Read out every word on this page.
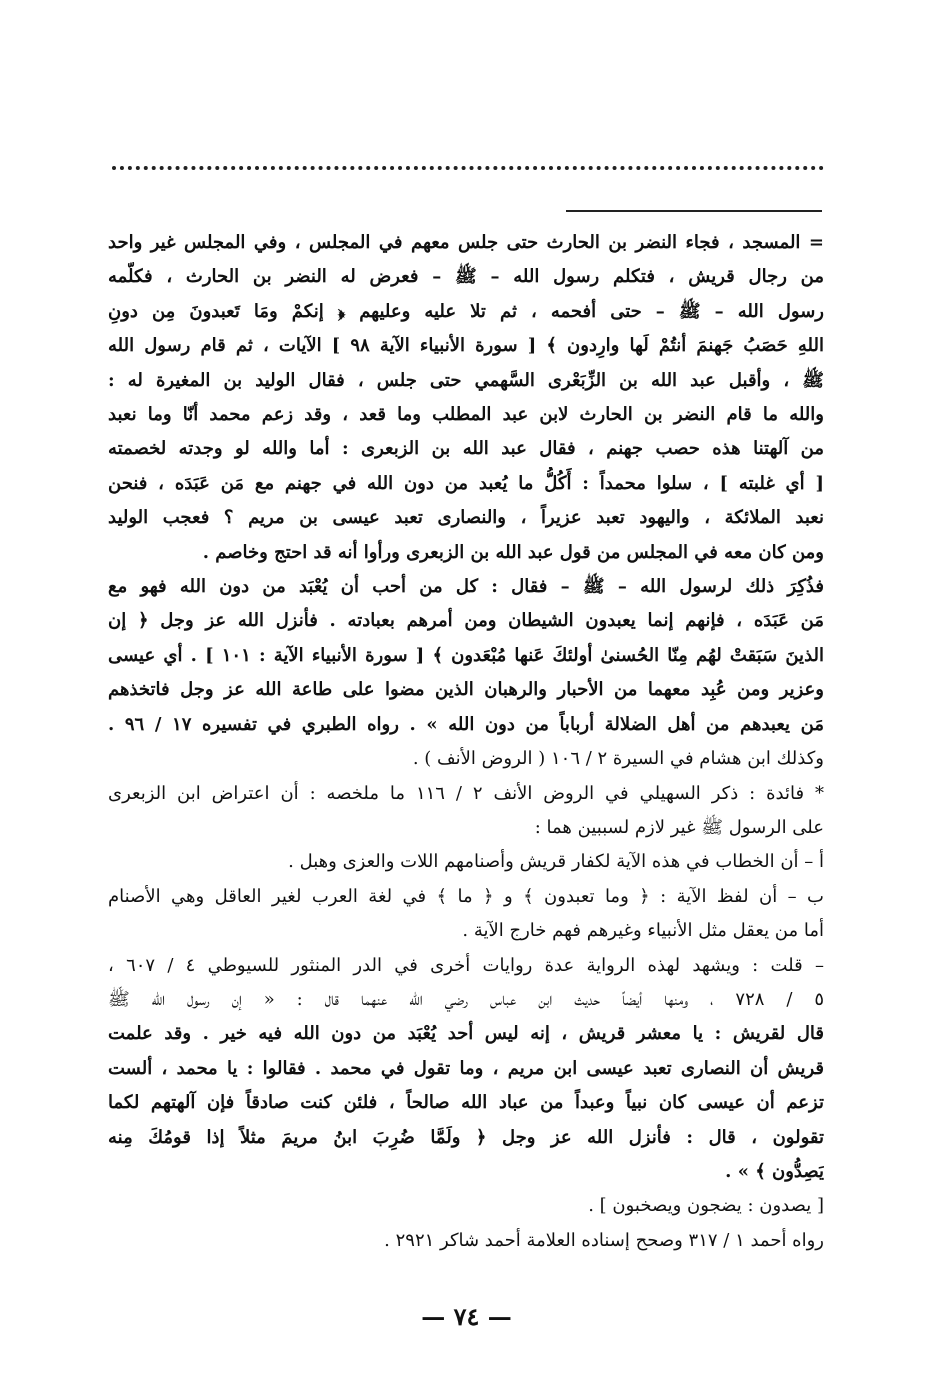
= المسجد ، فجاء النضر بن الحارث حتى جلس معهم في المجلس ، وفي المجلس غير واحد

من رجال قريش ، فتكلم رسول الله – ﷺ – فعرض له النضر بن الحارث ، فكلّمه

رسول الله – ﷺ – حتى أفحمه ، ثم تلا عليه وعليهم ﴿ إنكمْ ومَا تَعبدونَ مِن دونِ

اللهِ حَصَبُ جَهنمَ أنتُمْ لَها وارِدون ﴾ [ سورة الأنبياء الآية ٩٨ ] الآيات ، ثم قام رسول الله

ﷺ ، وأقبل عبد الله بن الزِّبَعْرى السَّهمي حتى جلس ، فقال الوليد بن المغيرة له :

والله ما قام النضر بن الحارث لابن عبد المطلب وما قعد ، وقد زعم محمد أنّا وما نعبد

من آلهتنا هذه حصب جهنم ، فقال عبد الله بن الزبعرى : أما والله لو وجدته لخصمته

[ أي غلبته ] ، سلوا محمداً : أَكُلُّ ما يُعبد من دون الله في جهنم مع مَن عَبَدَه ، فنحن

نعبد الملائكة ، واليهود تعبد عزيراً ، والنصارى تعبد عيسى بن مريم ؟ فعجب الوليد

ومن كان معه في المجلس من قول عبد الله بن الزبعرى ورأوا أنه قد احتج وخاصم .

فذُكِرَ ذلك لرسول الله – ﷺ – فقال : كل من أحب أن يُعْبَد من دون الله فهو مع

مَن عَبَدَه ، فإنهم إنما يعبدون الشيطان ومن أمرهم بعبادته . فأنزل الله عز وجل ﴿ إن

الذينَ سَبَقتْ لهُم مِنّا الحُسنىٰ أولئكَ عَنها مُبْعَدون ﴾ [ سورة الأنبياء الآية : ١٠١ ] . أي عيسى

وعزير ومن عُبِد معهما من الأحبار والرهبان الذين مضوا على طاعة الله عز وجل فاتخذهم

مَن يعبدهم من أهل الضلالة أرباباً من دون الله » . رواه الطبري في تفسيره ١٧ / ٩٦ .

وكذلك ابن هشام في السيرة ٢ / ١٠٦ ( الروض الأنف ) .

* فائدة : ذكر السهيلي في الروض الأنف ٢ / ١١٦ ما ملخصه : أن اعتراض ابن الزبعرى

على الرسول ﷺ غير لازم لسببين هما :

أ – أن الخطاب في هذه الآية لكفار قريش وأصنامهم اللات والعزى وهبل .

ب – أن لفظ الآية : ﴿ وما تعبدون ﴾ و ﴿ ما ﴾ في لغة العرب لغير العاقل وهي الأصنام

أما من يعقل مثل الأنبياء وغيرهم فهم خارج الآية .

– قلت : ويشهد لهذه الرواية عدة روايات أخرى في الدر المنثور للسيوطي ٤ / ٦٠٧ ،

٥ / ٧٢٨ ، ومنها أيضاً حديث ابن عباس رضي الله عنهما قال : « إن رسول الله ﷺ

قال لقريش : يا معشر قريش ، إنه ليس أحد يُعْبَد من دون الله فيه خير . وقد علمت

قريش أن النصارى تعبد عيسى ابن مريم ، وما تقول في محمد . فقالوا : يا محمد ، ألست

تزعم أن عيسى كان نبياً وعبداً من عباد الله صالحاً ، فلئن كنت صادقاً فإن آلهتهم لكما

تقولون ، قال : فأنزل الله عز وجل ﴿ ولَمَّا ضُرِبَ ابنُ مريمَ مثلاً إذا قومُكَ مِنه

يَصِدُّون ﴾ » .

[ يصدون : يضجون ويصخبون ] .

رواه أحمد ١ / ٣١٧ وصحح إسناده العلامة أحمد شاكر ٢٩٢١ .

— ٧٤ —
